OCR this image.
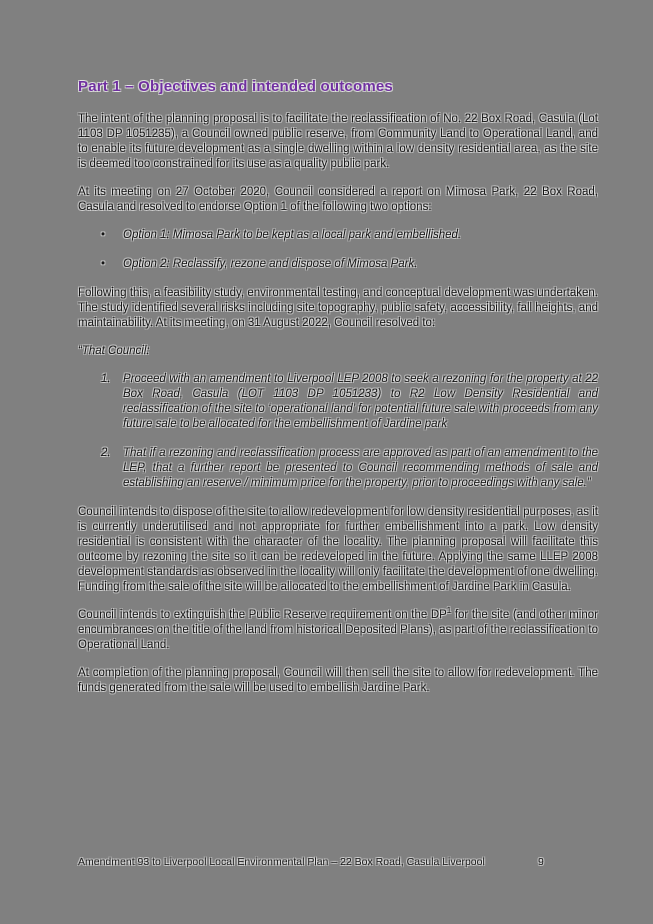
Part 1 – Objectives and intended outcomes

The intent of the planning proposal is to facilitate the reclassification of No. 22 Box Road, Casula (Lot 1103 DP 1051235), a Council owned public reserve, from Community Land to Operational Land, and to enable its future development as a single dwelling within a low density residential area, as the site is deemed too constrained for its use as a quality public park.

At its meeting on 27 October 2020, Council considered a report on Mimosa Park, 22 Box Road, Casula and resolved to endorse Option 1 of the following two options:

• Option 1: Mimosa Park to be kept as a local park and embellished.
• Option 2: Reclassify, rezone and dispose of Mimosa Park.

Following this, a feasibility study, environmental testing, and conceptual development was undertaken. The study identified several risks including site topography, public safety, accessibility, fall heights, and maintainability. At its meeting, on 31 August 2022, Council resolved to:

“That Council:

1. Proceed with an amendment to Liverpool LEP 2008 to seek a rezoning for the property at 22 Box Road, Casula (LOT 1103 DP 1051233) to R2 Low Density Residential and reclassification of the site to ‘operational land’ for potential future sale with proceeds from any future sale to be allocated for the embellishment of Jardine park
2. That if a rezoning and reclassification process are approved as part of an amendment to the LEP, that a further report be presented to Council recommending methods of sale and establishing an reserve / minimum price for the property, prior to proceedings with any sale.”

Council intends to dispose of the site to allow redevelopment for low density residential purposes, as it is currently underutilised and not appropriate for further embellishment into a park. Low density residential is consistent with the character of the locality. The planning proposal will facilitate this outcome by rezoning the site so it can be redeveloped in the future. Applying the same LLEP 2008 development standards as observed in the locality will only facilitate the development of one dwelling. Funding from the sale of the site will be allocated to the embellishment of Jardine Park in Casula.

Council intends to extinguish the Public Reserve requirement on the DP$^1$ for the site (and other minor encumbrances on the title of the land from historical Deposited Plans), as part of the reclassification to Operational Land.

At completion of the planning proposal, Council will then sell the site to allow for redevelopment. The funds generated from the sale will be used to embellish Jardine Park.

Amendment 93 to Liverpool Local Environmental Plan – 22 Box Road, Casula Liverpool	9
